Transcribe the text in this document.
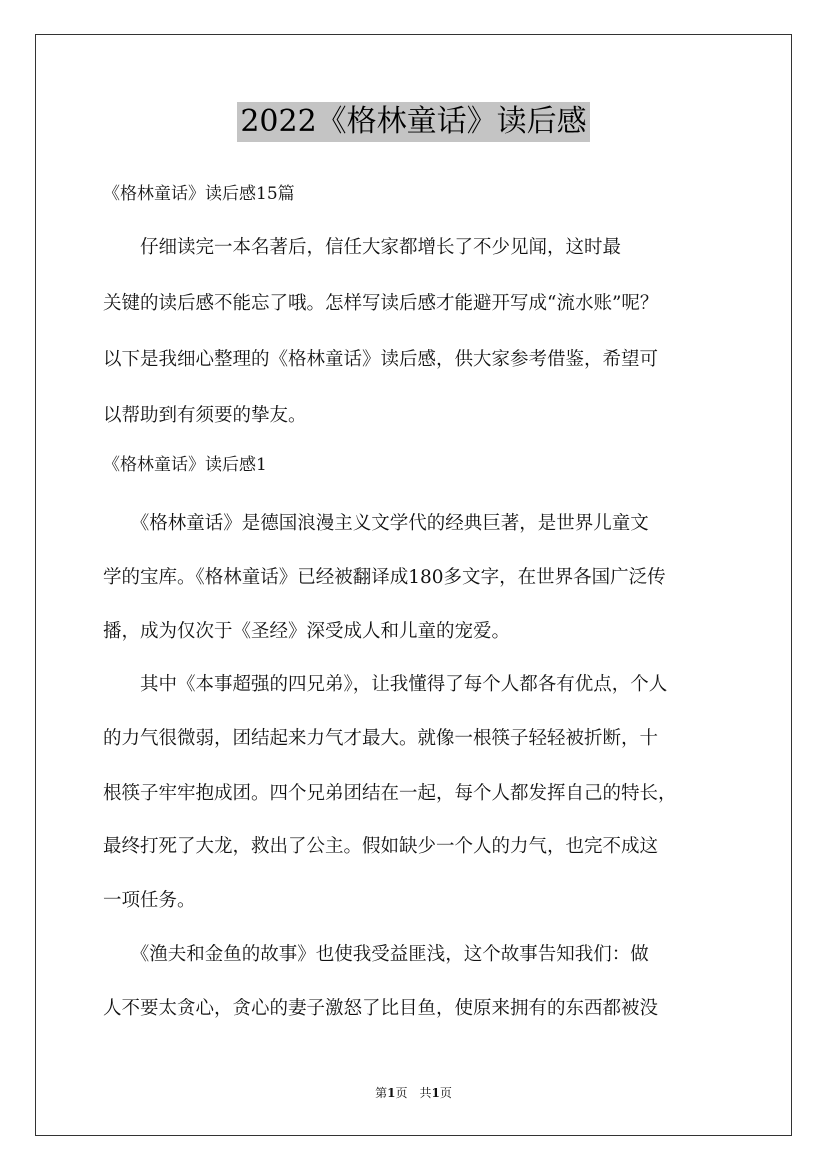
2022《格林童话》读后感
《格林童话》读后感15篇
　　仔细读完一本名著后，信任大家都增长了不少见闻，这时最
关键的读后感不能忘了哦。怎样写读后感才能避开写成“流水账”呢？
以下是我细心整理的《格林童话》读后感，供大家参考借鉴，希望可
以帮助到有须要的挚友。
《格林童话》读后感1
　　《格林童话》是德国浪漫主义文学代的经典巨著，是世界儿童文
学的宝库。《格林童话》已经被翻译成180多文字，在世界各国广泛传
播，成为仅次于《圣经》深受成人和儿童的宠爱。
　　其中《本事超强的四兄弟》，让我懂得了每个人都各有优点，个人
的力气很微弱，团结起来力气才最大。就像一根筷子轻轻被折断，十
根筷子牢牢抱成团。四个兄弟团结在一起，每个人都发挥自己的特长，
最终打死了大龙，救出了公主。假如缺少一个人的力气，也完不成这
一项任务。
　　《渔夫和金鱼的故事》也使我受益匪浅，这个故事告知我们：做
人不要太贪心，贪心的妻子激怒了比目鱼，使原来拥有的东西都被没
第1页　共1页
